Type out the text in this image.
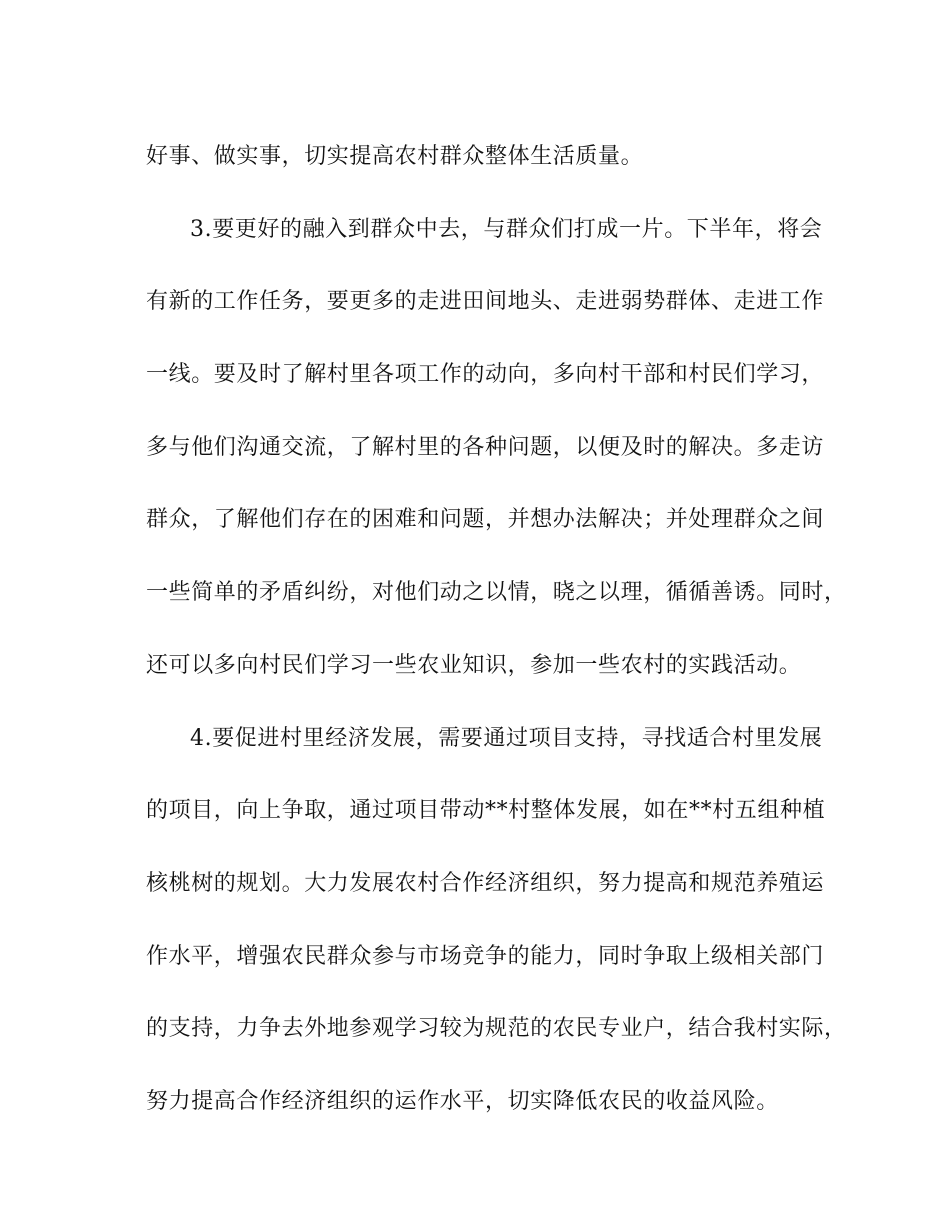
好事、做实事，切实提高农村群众整体生活质量。
3.要更好的融入到群众中去，与群众们打成一片。下半年，将会
有新的工作任务，要更多的走进田间地头、走进弱势群体、走进工作
一线。要及时了解村里各项工作的动向，多向村干部和村民们学习，
多与他们沟通交流，了解村里的各种问题，以便及时的解决。多走访
群众，了解他们存在的困难和问题，并想办法解决；并处理群众之间
一些简单的矛盾纠纷，对他们动之以情，晓之以理，循循善诱。同时，
还可以多向村民们学习一些农业知识，参加一些农村的实践活动。
4.要促进村里经济发展，需要通过项目支持，寻找适合村里发展
的项目，向上争取，通过项目带动**村整体发展，如在**村五组种植
核桃树的规划。大力发展农村合作经济组织，努力提高和规范养殖运
作水平，增强农民群众参与市场竞争的能力，同时争取上级相关部门
的支持，力争去外地参观学习较为规范的农民专业户，结合我村实际，
努力提高合作经济组织的运作水平，切实降低农民的收益风险。
